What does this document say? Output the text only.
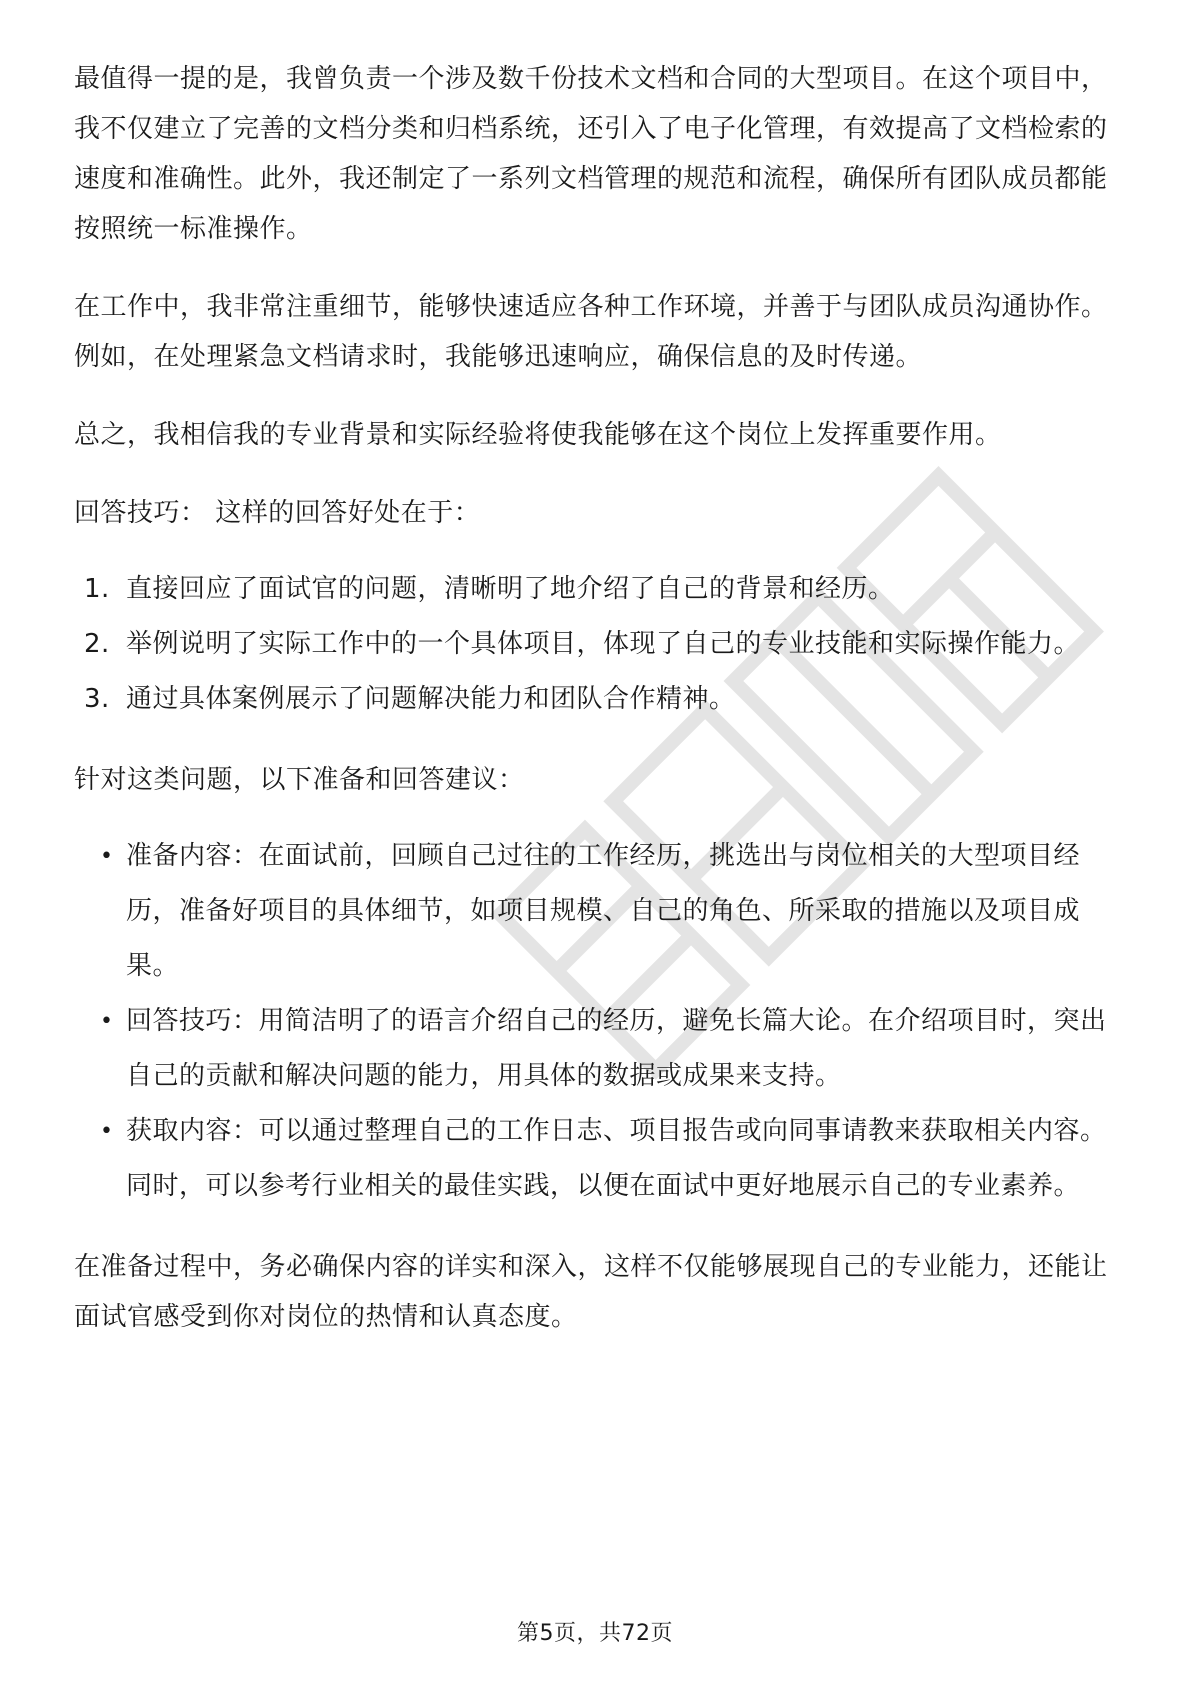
最值得一提的是，我曾负责一个涉及数千份技术文档和合同的大型项目。在这个项目中，我不仅建立了完善的文档分类和归档系统，还引入了电子化管理，有效提高了文档检索的速度和准确性。此外，我还制定了一系列文档管理的规范和流程，确保所有团队成员都能按照统一标准操作。

在工作中，我非常注重细节，能够快速适应各种工作环境，并善于与团队成员沟通协作。例如，在处理紧急文档请求时，我能够迅速响应，确保信息的及时传递。

总之，我相信我的专业背景和实际经验将使我能够在这个岗位上发挥重要作用。

回答技巧： 这样的回答好处在于：

1. 直接回应了面试官的问题，清晰明了地介绍了自己的背景和经历。
2. 举例说明了实际工作中的一个具体项目，体现了自己的专业技能和实际操作能力。
3. 通过具体案例展示了问题解决能力和团队合作精神。

针对这类问题，以下准备和回答建议：

• 准备内容：在面试前，回顾自己过往的工作经历，挑选出与岗位相关的大型项目经历，准备好项目的具体细节，如项目规模、自己的角色、所采取的措施以及项目成果。
• 回答技巧：用简洁明了的语言介绍自己的经历，避免长篇大论。在介绍项目时，突出自己的贡献和解决问题的能力，用具体的数据或成果来支持。
• 获取内容：可以通过整理自己的工作日志、项目报告或向同事请教来获取相关内容。同时，可以参考行业相关的最佳实践，以便在面试中更好地展示自己的专业素养。

在准备过程中，务必确保内容的详实和深入，这样不仅能够展现自己的专业能力，还能让面试官感受到你对岗位的热情和认真态度。

第5页，共72页
